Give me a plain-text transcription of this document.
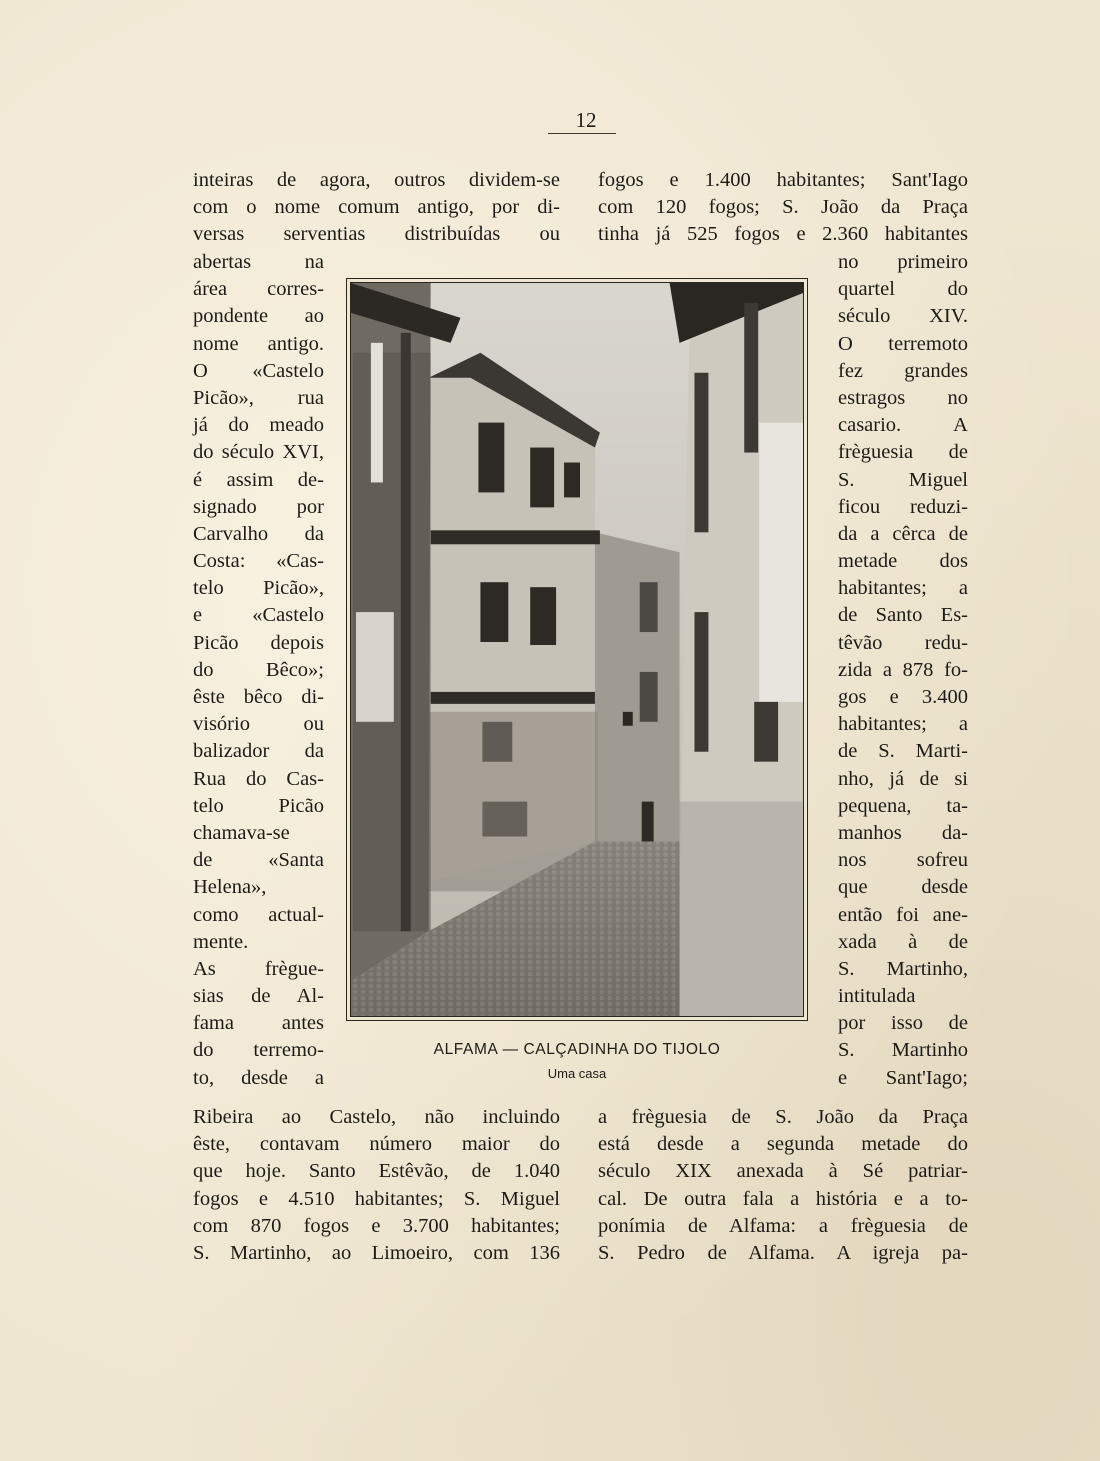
12
inteiras de agora, outros dividem-se
com o nome comum antigo, por di-
versas serventias distribuídas ou
abertas na
área corres-
pondente ao
nome antigo.
O «Castelo
Picão», rua
já do meado
do século XVI,
é assim de-
signado por
Carvalho da
Costa: «Cas-
telo Picão»,
e «Castelo
Picão depois
do Bêco»;
êste bêco di-
visório ou
balizador da
Rua do Cas-
telo Picão
chamava-se
de «Santa
Helena»,
como actual-
mente.
As frègue-
sias de Al-
fama antes
do terremo-
to, desde a
Ribeira ao Castelo, não incluindo
êste, contavam número maior do
que hoje. Santo Estêvão, de 1.040
fogos e 4.510 habitantes; S. Miguel
com 870 fogos e 3.700 habitantes;
S. Martinho, ao Limoeiro, com 136
fogos e 1.400 habitantes; Sant'Iago
com 120 fogos; S. João da Praça
tinha já 525 fogos e 2.360 habitantes
no primeiro
quartel do
século XIV.
O terremoto
fez grandes
estragos no
casario. A
frèguesia de
S. Miguel
ficou reduzi-
da a cêrca de
metade dos
habitantes; a
de Santo Es-
têvão redu-
zida a 878 fo-
gos e 3.400
habitantes; a
de S. Marti-
nho, já de si
pequena, ta-
manhos da-
nos sofreu
que desde
então foi ane-
xada à de
S. Martinho,
intitulada
por isso de
S. Martinho
e Sant'Iago;
a frèguesia de S. João da Praça
está desde a segunda metade do
século XIX anexada à Sé patriar-
cal. De outra fala a história e a to-
ponímia de Alfama: a frèguesia de
S. Pedro de Alfama. A igreja pa-
ALFAMA — CALÇADINHA DO TIJOLO
Uma casa
